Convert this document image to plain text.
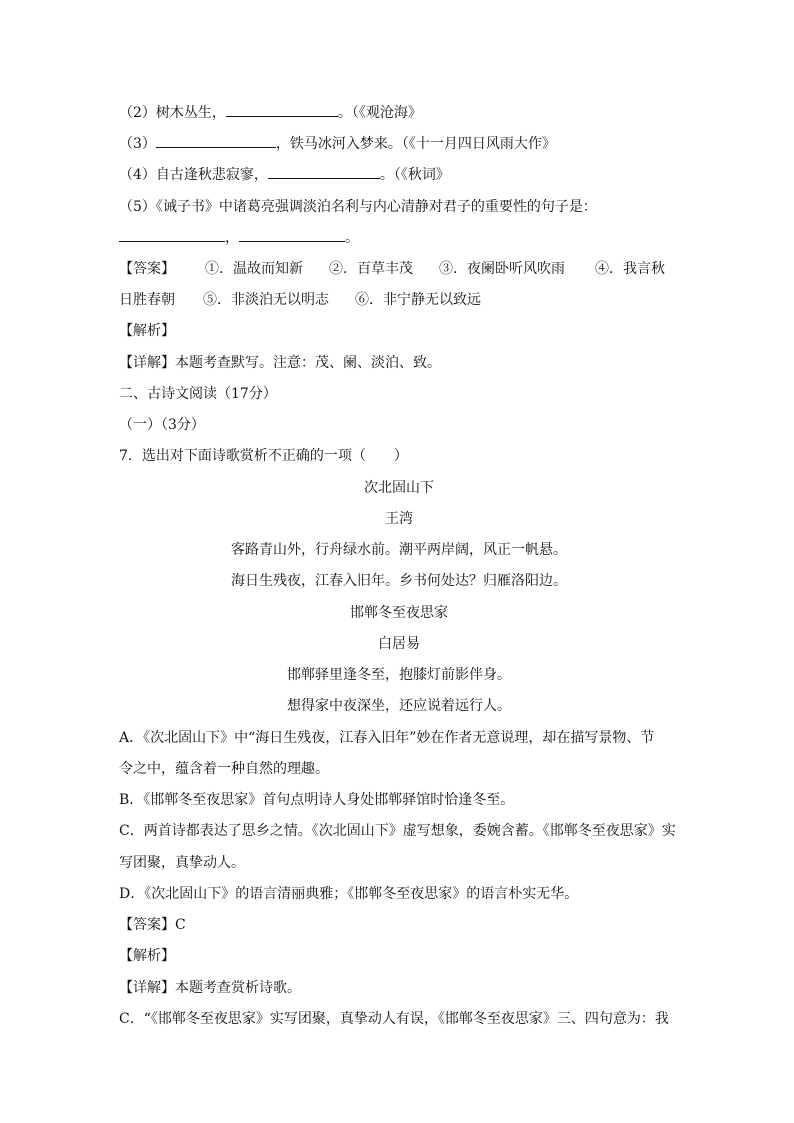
（2）树木丛生，	。（《观沧海》
（3）	，铁马冰河入梦来。（《十一月四日风雨大作》
（4）自古逢秋悲寂寥，	。（《秋词》
（5）《诫子书》中诸葛亮强调淡泊名利与内心清静对君子的重要性的句子是：
，	。
【答案】 ①．温故而知新 ②．百草丰茂 ③．夜阑卧听风吹雨 ④．我言秋
日胜春朝 ⑤．非淡泊无以明志 ⑥．非宁静无以致远
【解析】
【详解】本题考查默写。注意：茂、阑、淡泊、致。
二、古诗文阅读（17分）
（一）（3分）
7．选出对下面诗歌赏析不正确的一项（　　）
次北固山下
王湾
客路青山外，行舟绿水前。潮平两岸阔，风正一帆悬。
海日生残夜，江春入旧年。乡书何处达？归雁洛阳边。
邯郸冬至夜思家
白居易
邯郸驿里逢冬至，抱膝灯前影伴身。
想得家中夜深坐，还应说着远行人。
A．《次北固山下》中“海日生残夜，江春入旧年”妙在作者无意说理，却在描写景物、节
令之中，蕴含着一种自然的理趣。
B．《邯郸冬至夜思家》首句点明诗人身处邯郸驿馆时恰逢冬至。
C．两首诗都表达了思乡之情。《次北固山下》虚写想象，委婉含蓄。《邯郸冬至夜思家》实
写团聚，真挚动人。
D．《次北固山下》的语言清丽典雅；《邯郸冬至夜思家》的语言朴实无华。
【答案】C
【解析】
【详解】本题考查赏析诗歌。
C．“《邯郸冬至夜思家》实写团聚，真挚动人有误，《邯郸冬至夜思家》三、四句意为：我
